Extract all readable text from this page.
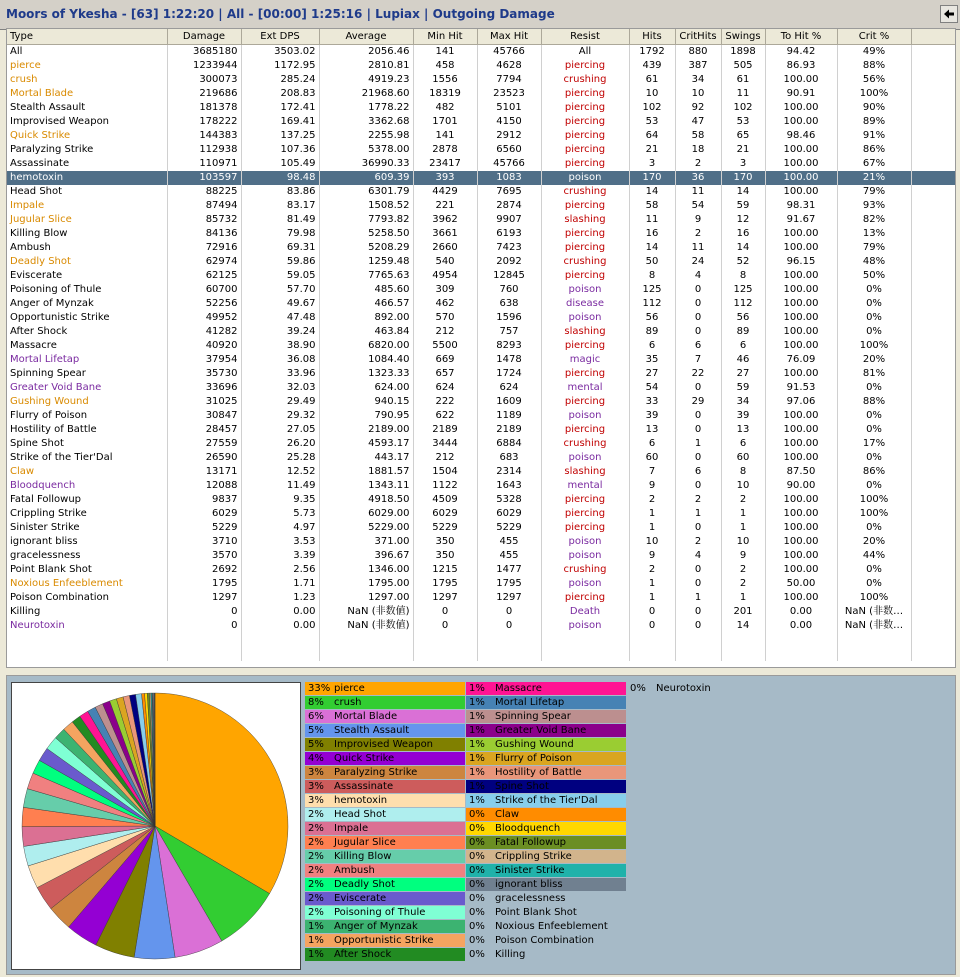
Moors of Ykesha - [63] 1:22:20 | All - [00:00] 1:25:16 | Lupiax | Outgoing Damage
Type	Damage	Ext DPS	Average	Min Hit	Max Hit	Resist	Hits	CritHits	Swings	To Hit %	Crit %	
All	3685180	3503.02	2056.46	141	45766	All	1792	880	1898	94.42	49%	
pierce	1233944	1172.95	2810.81	458	4628	piercing	439	387	505	86.93	88%	
crush	300073	285.24	4919.23	1556	7794	crushing	61	34	61	100.00	56%	
Mortal Blade	219686	208.83	21968.60	18319	23523	piercing	10	10	11	90.91	100%	
Stealth Assault	181378	172.41	1778.22	482	5101	piercing	102	92	102	100.00	90%	
Improvised Weapon	178222	169.41	3362.68	1701	4150	piercing	53	47	53	100.00	89%	
Quick Strike	144383	137.25	2255.98	141	2912	piercing	64	58	65	98.46	91%	
Paralyzing Strike	112938	107.36	5378.00	2878	6560	piercing	21	18	21	100.00	86%	
Assassinate	110971	105.49	36990.33	23417	45766	piercing	3	2	3	100.00	67%	
hemotoxin	103597	98.48	609.39	393	1083	poison	170	36	170	100.00	21%	
Head Shot	88225	83.86	6301.79	4429	7695	crushing	14	11	14	100.00	79%	
Impale	87494	83.17	1508.52	221	2874	piercing	58	54	59	98.31	93%	
Jugular Slice	85732	81.49	7793.82	3962	9907	slashing	11	9	12	91.67	82%	
Killing Blow	84136	79.98	5258.50	3661	6193	piercing	16	2	16	100.00	13%	
Ambush	72916	69.31	5208.29	2660	7423	piercing	14	11	14	100.00	79%	
Deadly Shot	62974	59.86	1259.48	540	2092	crushing	50	24	52	96.15	48%	
Eviscerate	62125	59.05	7765.63	4954	12845	piercing	8	4	8	100.00	50%	
Poisoning of Thule	60700	57.70	485.60	309	760	poison	125	0	125	100.00	0%	
Anger of Mynzak	52256	49.67	466.57	462	638	disease	112	0	112	100.00	0%	
Opportunistic Strike	49952	47.48	892.00	570	1596	poison	56	0	56	100.00	0%	
After Shock	41282	39.24	463.84	212	757	slashing	89	0	89	100.00	0%	
Massacre	40920	38.90	6820.00	5500	8293	piercing	6	6	6	100.00	100%	
Mortal Lifetap	37954	36.08	1084.40	669	1478	magic	35	7	46	76.09	20%	
Spinning Spear	35730	33.96	1323.33	657	1724	piercing	27	22	27	100.00	81%	
Greater Void Bane	33696	32.03	624.00	624	624	mental	54	0	59	91.53	0%	
Gushing Wound	31025	29.49	940.15	222	1609	piercing	33	29	34	97.06	88%	
Flurry of Poison	30847	29.32	790.95	622	1189	poison	39	0	39	100.00	0%	
Hostility of Battle	28457	27.05	2189.00	2189	2189	piercing	13	0	13	100.00	0%	
Spine Shot	27559	26.20	4593.17	3444	6884	crushing	6	1	6	100.00	17%	
Strike of the Tier'Dal	26590	25.28	443.17	212	683	poison	60	0	60	100.00	0%	
Claw	13171	12.52	1881.57	1504	2314	slashing	7	6	8	87.50	86%	
Bloodquench	12088	11.49	1343.11	1122	1643	mental	9	0	10	90.00	0%	
Fatal Followup	9837	9.35	4918.50	4509	5328	piercing	2	2	2	100.00	100%	
Crippling Strike	6029	5.73	6029.00	6029	6029	piercing	1	1	1	100.00	100%	
Sinister Strike	5229	4.97	5229.00	5229	5229	piercing	1	0	1	100.00	0%	
ignorant bliss	3710	3.53	371.00	350	455	poison	10	2	10	100.00	20%	
gracelessness	3570	3.39	396.67	350	455	poison	9	4	9	100.00	44%	
Point Blank Shot	2692	2.56	1346.00	1215	1477	crushing	2	0	2	100.00	0%	
Noxious Enfeeblement	1795	1.71	1795.00	1795	1795	poison	1	0	2	50.00	0%	
Poison Combination	1297	1.23	1297.00	1297	1297	piercing	1	1	1	100.00	100%	
Killing	0	0.00	NaN (非数値)	0	0	Death	0	0	201	0.00	NaN (非数…	
Neurotoxin	0	0.00	NaN (非数値)	0	0	poison	0	0	14	0.00	NaN (非数…	

33% pierce
8% crush
6% Mortal Blade
5% Stealth Assault
5% Improvised Weapon
4% Quick Strike
3% Paralyzing Strike
3% Assassinate
3% hemotoxin
2% Head Shot
2% Impale
2% Jugular Slice
2% Killing Blow
2% Ambush
2% Deadly Shot
2% Eviscerate
2% Poisoning of Thule
1% Anger of Mynzak
1% Opportunistic Strike
1% After Shock
1% Massacre
1% Mortal Lifetap
1% Spinning Spear
1% Greater Void Bane
1% Gushing Wound
1% Flurry of Poison
1% Hostility of Battle
1% Spine Shot
1% Strike of the Tier'Dal
0% Claw
0% Bloodquench
0% Fatal Followup
0% Crippling Strike
0% Sinister Strike
0% ignorant bliss
0% gracelessness
0% Point Blank Shot
0% Noxious Enfeeblement
0% Poison Combination
0% Killing
0% Neurotoxin
